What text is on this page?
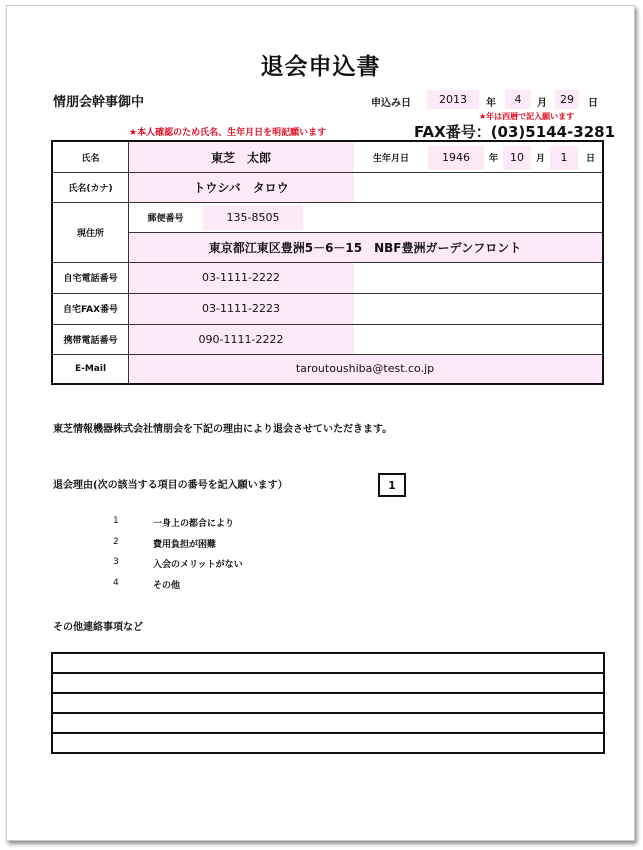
退会申込書
情朋会幹事御中	申込み日	2013	年	4	月	29	日
★年は西暦で記入願います
★本人確認のため氏名、生年月日を明記願います	FAX番号：(03)5144-3281
氏名	東芝　太郎	生年月日	1946	年	10	月	1	日
氏名(カナ)	トウシバ　タロウ
現住所
郵便番号	135-8505
東京都江東区豊洲5－6－15　NBF豊洲ガーデンフロント
自宅電話番号	03-1111-2222
自宅FAX番号	03-1111-2223
携帯電話番号	090-1111-2222
E-Mail	taroutoushiba@test.co.jp
東芝情報機器株式会社情朋会を下記の理由により退会させていただきます。
退会理由(次の該当する項目の番号を記入願います）	1
1	一身上の都合により
2	費用負担が困難
3	入会のメリットがない
4	その他
その他連絡事項など
